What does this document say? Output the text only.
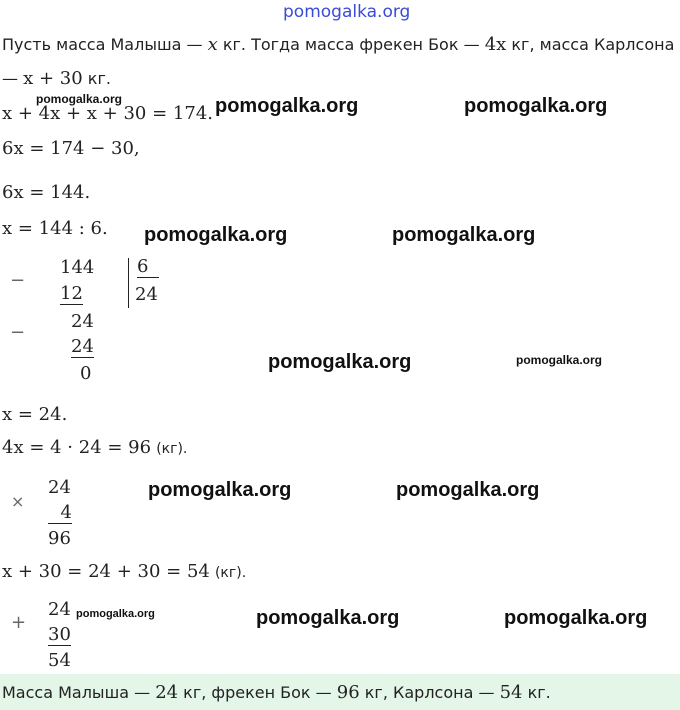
pomogalka.org
Пусть масса Малыша — x кг. Тогда масса фрекен Бок — 4x кг, масса Карлсона
— x + 30 кг.
x + 4x + x + 30 = 174.
6x = 174 − 30,
6x = 144.
x = 144 : 6.
−
144
12
6
24
−
24
24
0
x = 24.
4x = 4 · 24 = 96 (кг).
×
24
4
96
x + 30 = 24 + 30 = 54 (кг).
+
24
30
54
pomogalka.org	pomogalka.org	pomogalka.org
pomogalka.org	pomogalka.org
pomogalka.org	pomogalka.org
pomogalka.org	pomogalka.org
pomogalka.org	pomogalka.org	pomogalka.org
Масса Малыша — 24 кг, фрекен Бок — 96 кг, Карлсона — 54 кг.
